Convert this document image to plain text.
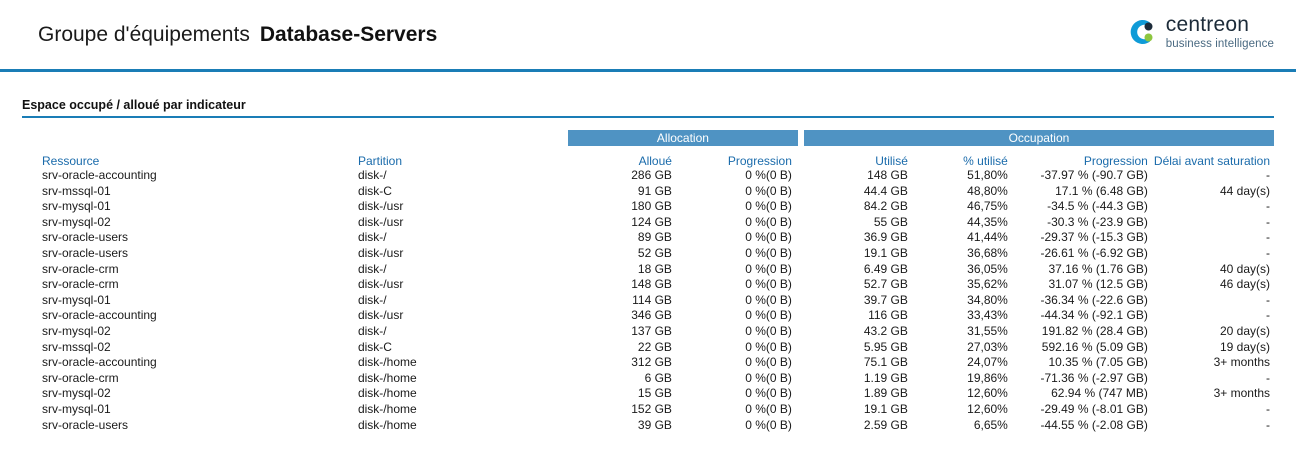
Groupe d'équipements Database-Servers	centreon
business intelligence
Espace occupé / alloué par indicateur
		Allocation			Occupation			
Ressource	Partition	Alloué	Progression		Utilisé	% utilisé	Progression	Délai avant saturation
srv-oracle-accounting	disk-/	286 GB	0 %(0 B)		148 GB	51,80%	-37.97 % (-90.7 GB)	-
srv-mssql-01	disk-C	91 GB	0 %(0 B)		44.4 GB	48,80%	17.1 % (6.48 GB)	44 day(s)
srv-mysql-01	disk-/usr	180 GB	0 %(0 B)		84.2 GB	46,75%	-34.5 % (-44.3 GB)	-
srv-mysql-02	disk-/usr	124 GB	0 %(0 B)		55 GB	44,35%	-30.3 % (-23.9 GB)	-
srv-oracle-users	disk-/	89 GB	0 %(0 B)		36.9 GB	41,44%	-29.37 % (-15.3 GB)	-
srv-oracle-users	disk-/usr	52 GB	0 %(0 B)		19.1 GB	36,68%	-26.61 % (-6.92 GB)	-
srv-oracle-crm	disk-/	18 GB	0 %(0 B)		6.49 GB	36,05%	37.16 % (1.76 GB)	40 day(s)
srv-oracle-crm	disk-/usr	148 GB	0 %(0 B)		52.7 GB	35,62%	31.07 % (12.5 GB)	46 day(s)
srv-mysql-01	disk-/	114 GB	0 %(0 B)		39.7 GB	34,80%	-36.34 % (-22.6 GB)	-
srv-oracle-accounting	disk-/usr	346 GB	0 %(0 B)		116 GB	33,43%	-44.34 % (-92.1 GB)	-
srv-mysql-02	disk-/	137 GB	0 %(0 B)		43.2 GB	31,55%	191.82 % (28.4 GB)	20 day(s)
srv-mssql-02	disk-C	22 GB	0 %(0 B)		5.95 GB	27,03%	592.16 % (5.09 GB)	19 day(s)
srv-oracle-accounting	disk-/home	312 GB	0 %(0 B)		75.1 GB	24,07%	10.35 % (7.05 GB)	3+ months
srv-oracle-crm	disk-/home	6 GB	0 %(0 B)		1.19 GB	19,86%	-71.36 % (-2.97 GB)	-
srv-mysql-02	disk-/home	15 GB	0 %(0 B)		1.89 GB	12,60%	62.94 % (747 MB)	3+ months
srv-mysql-01	disk-/home	152 GB	0 %(0 B)		19.1 GB	12,60%	-29.49 % (-8.01 GB)	-
srv-oracle-users	disk-/home	39 GB	0 %(0 B)		2.59 GB	6,65%	-44.55 % (-2.08 GB)	-
